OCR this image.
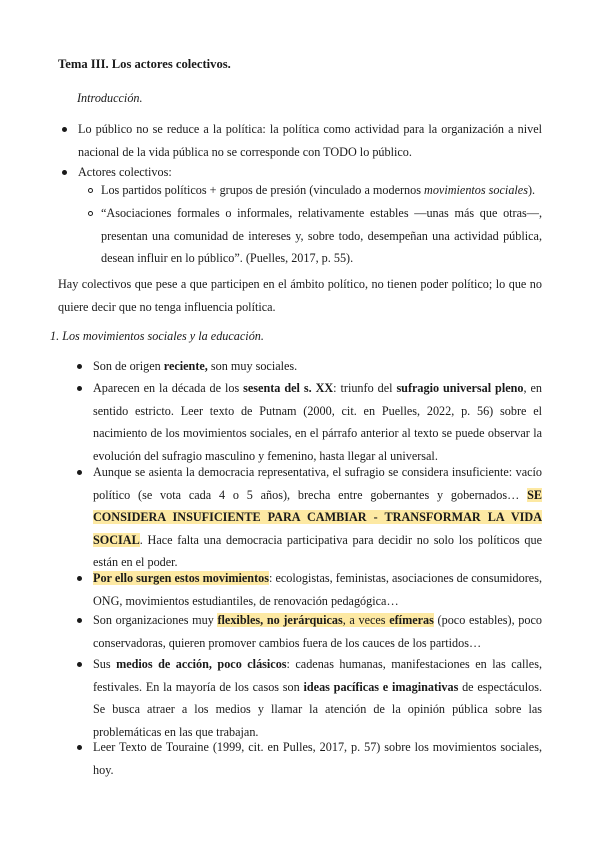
Tema III. Los actores colectivos.
Introducción.
Lo público no se reduce a la política: la política como actividad para la organización a nivel nacional de la vida pública no se corresponde con TODO lo público.
Actores colectivos:
Los partidos políticos + grupos de presión (vinculado a modernos movimientos sociales).
“Asociaciones formales o informales, relativamente estables —unas más que otras—, presentan una comunidad de intereses y, sobre todo, desempeñan una actividad pública, desean influir en lo público”. (Puelles, 2017, p. 55).
Hay colectivos que pese a que participen en el ámbito político, no tienen poder político; lo que no quiere decir que no tenga influencia política.
1. Los movimientos sociales y la educación.
Son de origen reciente, son muy sociales.
Aparecen en la década de los sesenta del s. XX: triunfo del sufragio universal pleno, en sentido estricto. Leer texto de Putnam (2000, cit. en Puelles, 2022, p. 56) sobre el nacimiento de los movimientos sociales, en el párrafo anterior al texto se puede observar la evolución del sufragio masculino y femenino, hasta llegar al universal.
Aunque se asienta la democracia representativa, el sufragio se considera insuficiente: vacío político (se vota cada 4 o 5 años), brecha entre gobernantes y gobernados… SE CONSIDERA INSUFICIENTE PARA CAMBIAR - TRANSFORMAR LA VIDA SOCIAL. Hace falta una democracia participativa para decidir no solo los políticos que están en el poder.
Por ello surgen estos movimientos: ecologistas, feministas, asociaciones de consumidores, ONG, movimientos estudiantiles, de renovación pedagógica…
Son organizaciones muy flexibles, no jerárquicas, a veces efímeras (poco estables), poco conservadoras, quieren promover cambios fuera de los cauces de los partidos…
Sus medios de acción, poco clásicos: cadenas humanas, manifestaciones en las calles, festivales. En la mayoría de los casos son ideas pacíficas e imaginativas de espectáculos. Se busca atraer a los medios y llamar la atención de la opinión pública sobre las problemáticas en las que trabajan.
Leer Texto de Touraine (1999, cit. en Pulles, 2017, p. 57) sobre los movimientos sociales, hoy.
